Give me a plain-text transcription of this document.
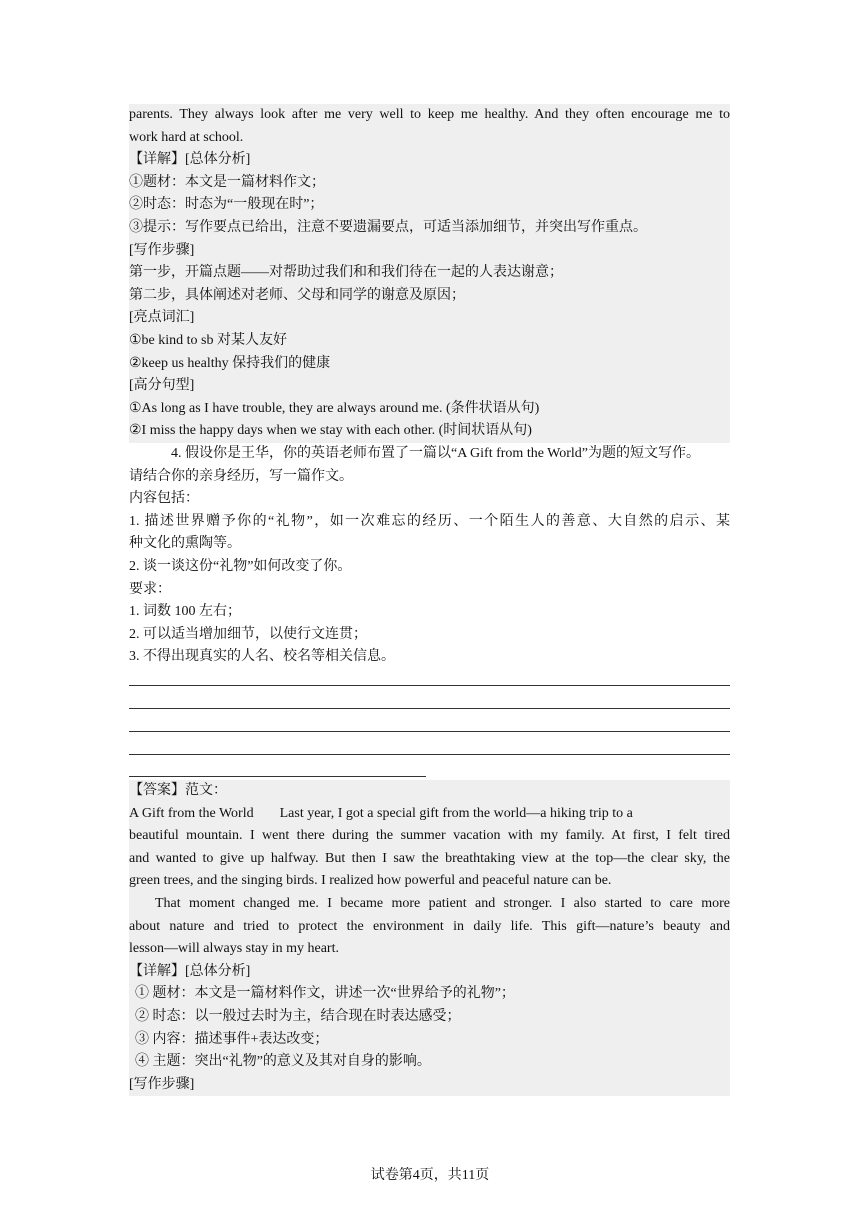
parents. They always look after me very well to keep me healthy. And they often encourage me to
work hard at school.
【详解】[总体分析]
①题材：本文是一篇材料作文；
②时态：时态为“一般现在时”；
③提示：写作要点已给出，注意不要遗漏要点，可适当添加细节，并突出写作重点。
[写作步骤]
第一步，开篇点题——对帮助过我们和和我们待在一起的人表达谢意；
第二步，具体阐述对老师、父母和同学的谢意及原因；
[亮点词汇]
①be kind to sb 对某人友好
②keep us healthy 保持我们的健康
[高分句型]
①As long as I have trouble, they are always around me. (条件状语从句)
②I miss the happy days when we stay with each other. (时间状语从句)
4. 假设你是王华，你的英语老师布置了一篇以“A Gift from the World”为题的短文写作。
请结合你的亲身经历，写一篇作文。
内容包括：
1. 描述世界赠予你的“礼物”，如一次难忘的经历、一个陌生人的善意、大自然的启示、某
种文化的熏陶等。
2. 谈一谈这份“礼物”如何改变了你。
要求：
1. 词数 100 左右；
2. 可以适当增加细节，以使行文连贯；
3. 不得出现真实的人名、校名等相关信息。
【答案】范文：
A Gift from the World Last year, I got a special gift from the world—a hiking trip to a
beautiful mountain. I went there during the summer vacation with my family. At first, I felt tired
and wanted to give up halfway. But then I saw the breathtaking view at the top—the clear sky, the
green trees, and the singing birds. I realized how powerful and peaceful nature can be.
That moment changed me. I became more patient and stronger. I also started to care more
about nature and tried to protect the environment in daily life. This gift—nature’s beauty and
lesson—will always stay in my heart.
【详解】[总体分析]
① 题材：本文是一篇材料作文，讲述一次“世界给予的礼物”；
② 时态：以一般过去时为主，结合现在时表达感受；
③ 内容：描述事件+表达改变；
④ 主题：突出“礼物”的意义及其对自身的影响。
[写作步骤]
试卷第4页，共11页
